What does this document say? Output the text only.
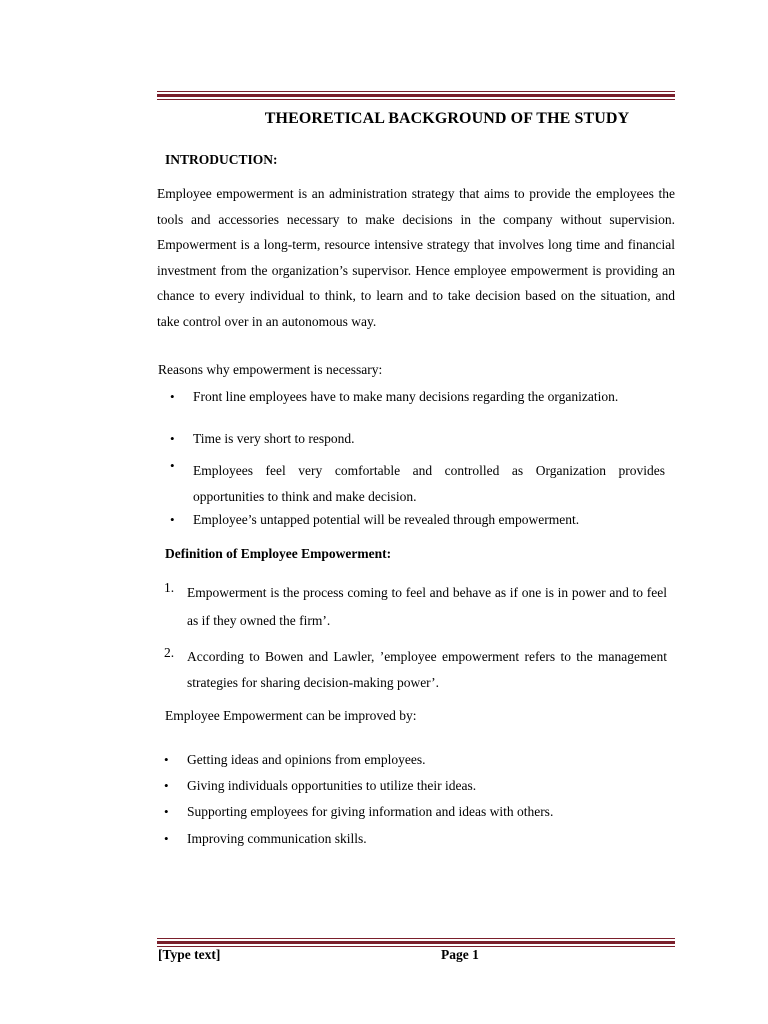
THEORETICAL BACKGROUND OF THE STUDY
INTRODUCTION:
Employee empowerment is an administration strategy that aims to provide the employees the tools and accessories necessary to make decisions in the company without supervision. Empowerment is a long-term, resource intensive strategy that involves long time and financial investment from the organization’s supervisor. Hence employee empowerment is providing an chance to every individual to think, to learn and to take decision based on the situation, and take control over in an autonomous way.
Reasons why empowerment is necessary:
• Front line employees have to make many decisions regarding the organization.
• Time is very short to respond.
• Employees feel very comfortable and controlled as Organization provides opportunities to think and make decision.
• Employee’s untapped potential will be revealed through empowerment.
Definition of Employee Empowerment:
1. Empowerment is the process coming to feel and behave as if one is in power and to feel as if they owned the firm’.
2. According to Bowen and Lawler, ’employee empowerment refers to the management strategies for sharing decision-making power’.
Employee Empowerment can be improved by:
• Getting ideas and opinions from employees.
• Giving individuals opportunities to utilize their ideas.
• Supporting employees for giving information and ideas with others.
• Improving communication skills.
[Type text]	Page 1
